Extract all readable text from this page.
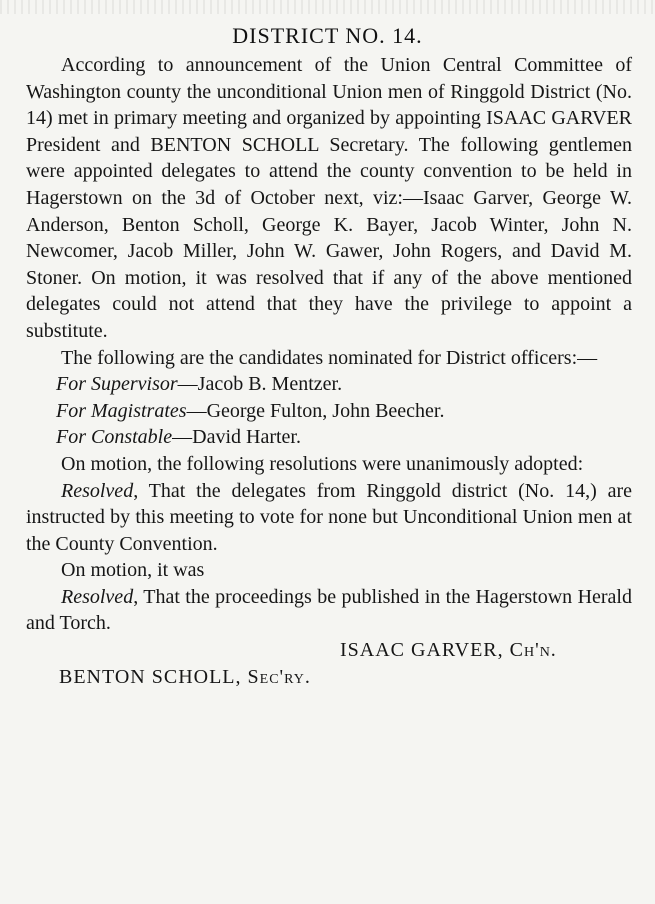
DISTRICT NO. 14.

According to announcement of the Union Central Committee of Washington county the unconditional Union men of Ringgold District (No. 14) met in primary meeting and organized by appointing ISAAC GARVER President and BENTON SCHOLL Secretary. The following gentlemen were appointed delegates to attend the county convention to be held in Hagerstown on the 3d of October next, viz:—Isaac Garver, George W. Anderson, Benton Scholl, George K. Bayer, Jacob Winter, John N. Newcomer, Jacob Miller, John W. Gawer, John Rogers, and David M. Stoner. On motion, it was resolved that if any of the above mentioned delegates could not attend that they have the privilege to appoint a substitute.

The following are the candidates nominated for District officers:—

For Supervisor—Jacob B. Mentzer.

For Magistrates—George Fulton, John Beecher.

For Constable—David Harter.

On motion, the following resolutions were unanimously adopted:

Resolved, That the delegates from Ringgold district (No. 14,) are instructed by this meeting to vote for none but Unconditional Union men at the County Convention.

On motion, it was

Resolved, That the proceedings be published in the Hagerstown Herald and Torch.

ISAAC GARVER, Ch'n.

BENTON SCHOLL, Sec'ry.
